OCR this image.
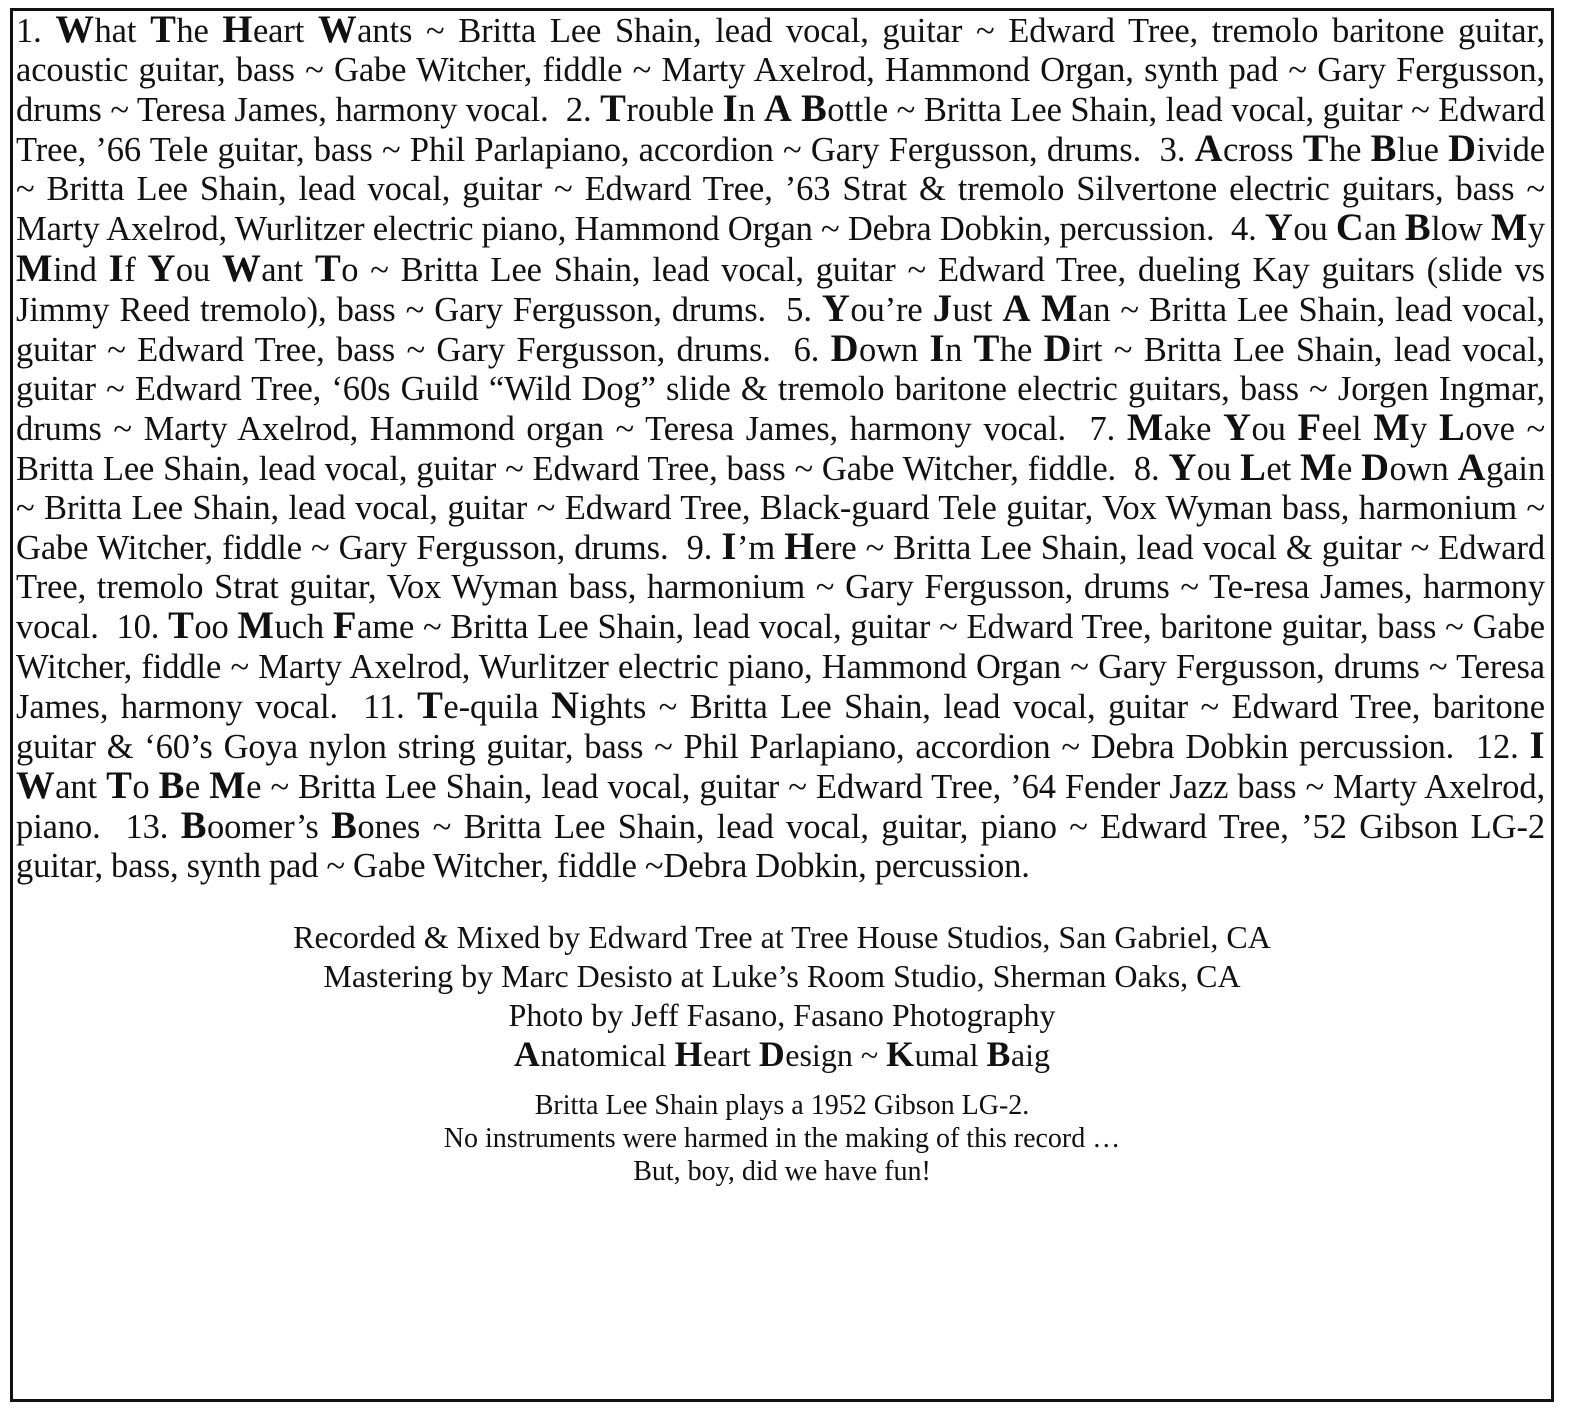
1. What The Heart Wants ~ Britta Lee Shain, lead vocal, guitar ~ Edward Tree, tremolo baritone guitar, acoustic guitar, bass ~ Gabe Witcher, fiddle ~ Marty Axelrod, Hammond Organ, synth pad ~ Gary Fergusson, drums ~ Teresa James, harmony vocal. 2. Trouble In A Bottle ~ Britta Lee Shain, lead vocal, guitar ~ Edward Tree, ’66 Tele guitar, bass ~ Phil Parlapiano, accordion ~ Gary Fergusson, drums. 3. Across The Blue Divide ~ Britta Lee Shain, lead vocal, guitar ~ Edward Tree, ’63 Strat & tremolo Silvertone electric guitars, bass ~ Marty Axelrod, Wurlitzer electric piano, Hammond Organ ~ Debra Dobkin, percussion. 4. You Can Blow My Mind If You Want To ~ Britta Lee Shain, lead vocal, guitar ~ Edward Tree, dueling Kay guitars (slide vs Jimmy Reed tremolo), bass ~ Gary Fergusson, drums. 5. You’re Just A Man ~ Britta Lee Shain, lead vocal, guitar ~ Edward Tree, bass ~ Gary Fergusson, drums. 6. Down In The Dirt ~ Britta Lee Shain, lead vocal, guitar ~ Edward Tree, ‘60s Guild “Wild Dog” slide & tremolo baritone electric guitars, bass ~ Jorgen Ingmar, drums ~ Marty Axelrod, Hammond organ ~ Teresa James, harmony vocal. 7. Make You Feel My Love ~ Britta Lee Shain, lead vocal, guitar ~ Edward Tree, bass ~ Gabe Witcher, fiddle. 8. You Let Me Down Again ~ Britta Lee Shain, lead vocal, guitar ~ Edward Tree, Black-guard Tele guitar, Vox Wyman bass, harmonium ~ Gabe Witcher, fiddle ~ Gary Fergusson, drums. 9. I’m Here ~ Britta Lee Shain, lead vocal & guitar ~ Edward Tree, tremolo Strat guitar, Vox Wyman bass, harmonium ~ Gary Fergusson, drums ~ Te-resa James, harmony vocal. 10. Too Much Fame ~ Britta Lee Shain, lead vocal, guitar ~ Edward Tree, baritone guitar, bass ~ Gabe Witcher, fiddle ~ Marty Axelrod, Wurlitzer electric piano, Hammond Organ ~ Gary Fergusson, drums ~ Teresa James, harmony vocal. 11. Te-quila Nights ~ Britta Lee Shain, lead vocal, guitar ~ Edward Tree, baritone guitar & ‘60’s Goya nylon string guitar, bass ~ Phil Parlapiano, accordion ~ Debra Dobkin percussion. 12. I Want To Be Me ~ Britta Lee Shain, lead vocal, guitar ~ Edward Tree, ’64 Fender Jazz bass ~ Marty Axelrod, piano. 13. Boomer’s Bones ~ Britta Lee Shain, lead vocal, guitar, piano ~ Edward Tree, ’52 Gibson LG-2 guitar, bass, synth pad ~ Gabe Witcher, fiddle ~Debra Dobkin, percussion.

Recorded & Mixed by Edward Tree at Tree House Studios, San Gabriel, CA
Mastering by Marc Desisto at Luke’s Room Studio, Sherman Oaks, CA
Photo by Jeff Fasano, Fasano Photography
Anatomical Heart Design ~ Kumal Baig
Britta Lee Shain plays a 1952 Gibson LG-2.
No instruments were harmed in the making of this record …
But, boy, did we have fun!
